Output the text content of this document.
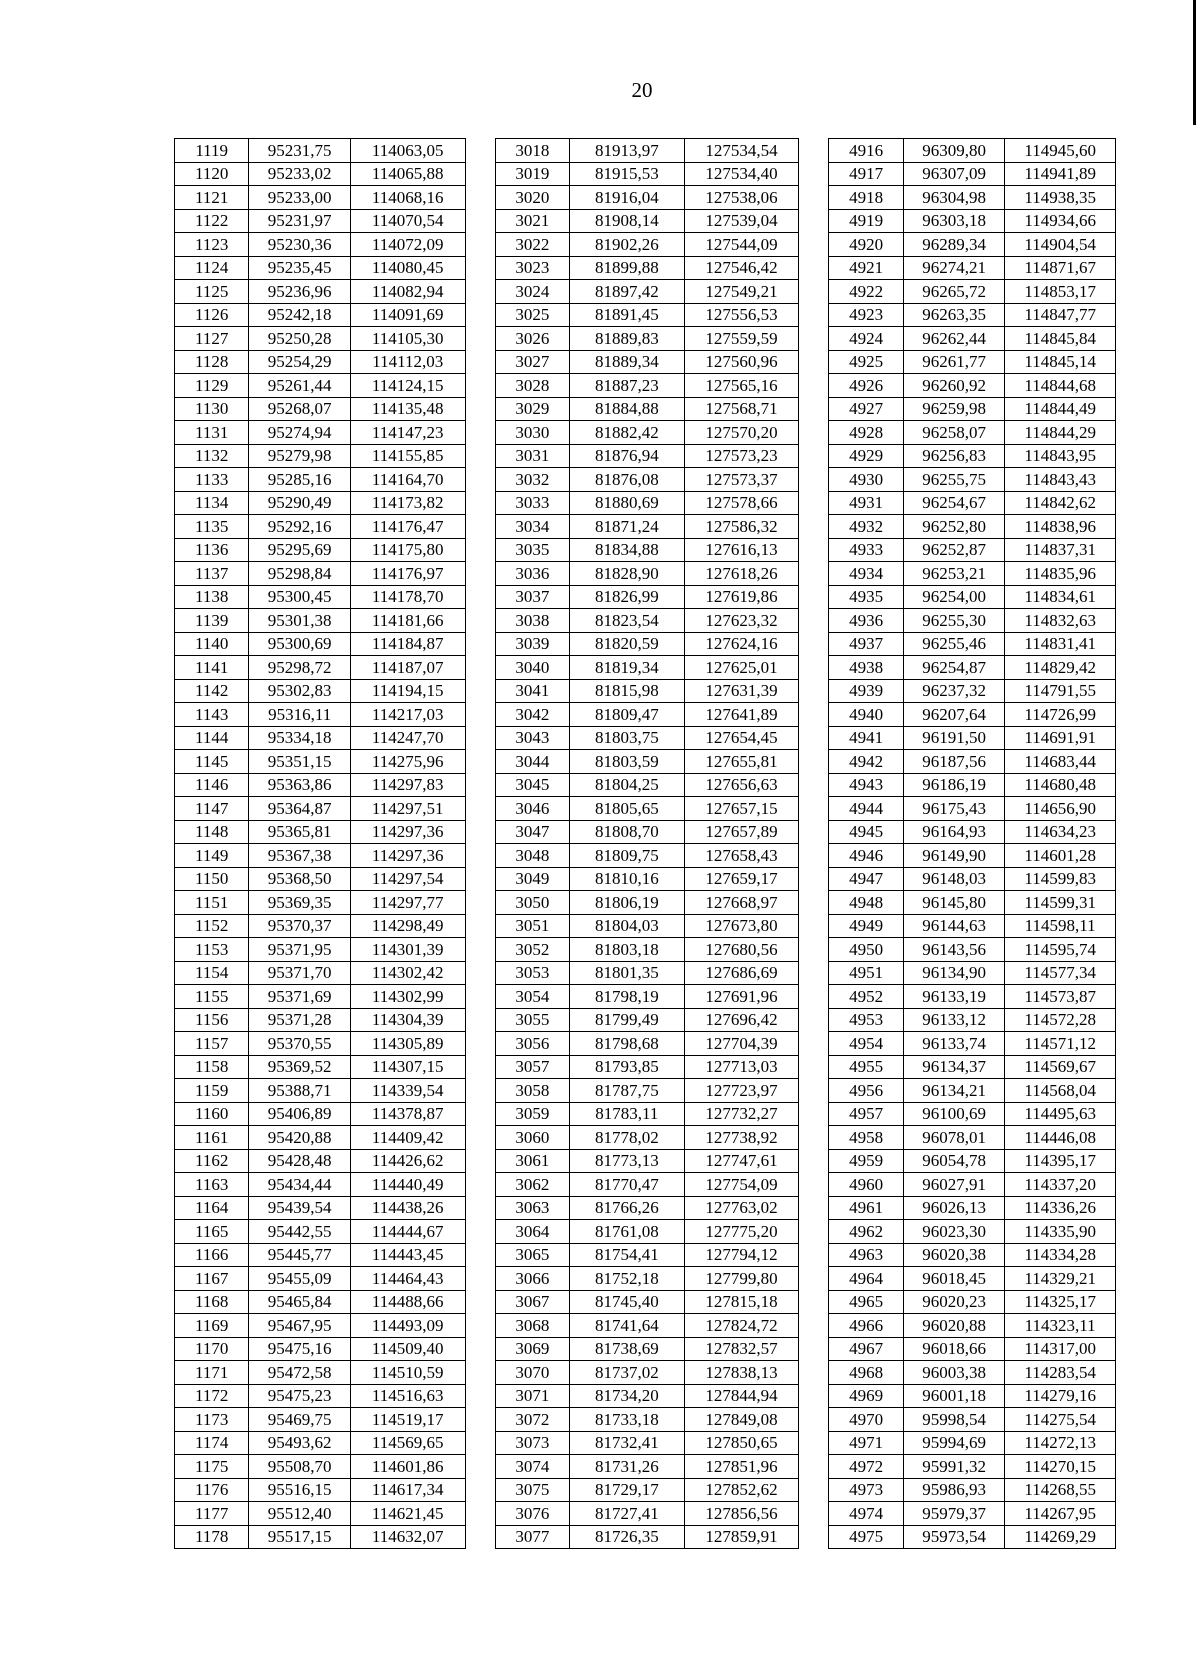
20
1119	95231,75	114063,05		3018	81913,97	127534,54		4916	96309,80	114945,60
1120	95233,02	114065,88		3019	81915,53	127534,40		4917	96307,09	114941,89
1121	95233,00	114068,16		3020	81916,04	127538,06		4918	96304,98	114938,35
1122	95231,97	114070,54		3021	81908,14	127539,04		4919	96303,18	114934,66
1123	95230,36	114072,09		3022	81902,26	127544,09		4920	96289,34	114904,54
1124	95235,45	114080,45		3023	81899,88	127546,42		4921	96274,21	114871,67
1125	95236,96	114082,94		3024	81897,42	127549,21		4922	96265,72	114853,17
1126	95242,18	114091,69		3025	81891,45	127556,53		4923	96263,35	114847,77
1127	95250,28	114105,30		3026	81889,83	127559,59		4924	96262,44	114845,84
1128	95254,29	114112,03		3027	81889,34	127560,96		4925	96261,77	114845,14
1129	95261,44	114124,15		3028	81887,23	127565,16		4926	96260,92	114844,68
1130	95268,07	114135,48		3029	81884,88	127568,71		4927	96259,98	114844,49
1131	95274,94	114147,23		3030	81882,42	127570,20		4928	96258,07	114844,29
1132	95279,98	114155,85		3031	81876,94	127573,23		4929	96256,83	114843,95
1133	95285,16	114164,70		3032	81876,08	127573,37		4930	96255,75	114843,43
1134	95290,49	114173,82		3033	81880,69	127578,66		4931	96254,67	114842,62
1135	95292,16	114176,47		3034	81871,24	127586,32		4932	96252,80	114838,96
1136	95295,69	114175,80		3035	81834,88	127616,13		4933	96252,87	114837,31
1137	95298,84	114176,97		3036	81828,90	127618,26		4934	96253,21	114835,96
1138	95300,45	114178,70		3037	81826,99	127619,86		4935	96254,00	114834,61
1139	95301,38	114181,66		3038	81823,54	127623,32		4936	96255,30	114832,63
1140	95300,69	114184,87		3039	81820,59	127624,16		4937	96255,46	114831,41
1141	95298,72	114187,07		3040	81819,34	127625,01		4938	96254,87	114829,42
1142	95302,83	114194,15		3041	81815,98	127631,39		4939	96237,32	114791,55
1143	95316,11	114217,03		3042	81809,47	127641,89		4940	96207,64	114726,99
1144	95334,18	114247,70		3043	81803,75	127654,45		4941	96191,50	114691,91
1145	95351,15	114275,96		3044	81803,59	127655,81		4942	96187,56	114683,44
1146	95363,86	114297,83		3045	81804,25	127656,63		4943	96186,19	114680,48
1147	95364,87	114297,51		3046	81805,65	127657,15		4944	96175,43	114656,90
1148	95365,81	114297,36		3047	81808,70	127657,89		4945	96164,93	114634,23
1149	95367,38	114297,36		3048	81809,75	127658,43		4946	96149,90	114601,28
1150	95368,50	114297,54		3049	81810,16	127659,17		4947	96148,03	114599,83
1151	95369,35	114297,77		3050	81806,19	127668,97		4948	96145,80	114599,31
1152	95370,37	114298,49		3051	81804,03	127673,80		4949	96144,63	114598,11
1153	95371,95	114301,39		3052	81803,18	127680,56		4950	96143,56	114595,74
1154	95371,70	114302,42		3053	81801,35	127686,69		4951	96134,90	114577,34
1155	95371,69	114302,99		3054	81798,19	127691,96		4952	96133,19	114573,87
1156	95371,28	114304,39		3055	81799,49	127696,42		4953	96133,12	114572,28
1157	95370,55	114305,89		3056	81798,68	127704,39		4954	96133,74	114571,12
1158	95369,52	114307,15		3057	81793,85	127713,03		4955	96134,37	114569,67
1159	95388,71	114339,54		3058	81787,75	127723,97		4956	96134,21	114568,04
1160	95406,89	114378,87		3059	81783,11	127732,27		4957	96100,69	114495,63
1161	95420,88	114409,42		3060	81778,02	127738,92		4958	96078,01	114446,08
1162	95428,48	114426,62		3061	81773,13	127747,61		4959	96054,78	114395,17
1163	95434,44	114440,49		3062	81770,47	127754,09		4960	96027,91	114337,20
1164	95439,54	114438,26		3063	81766,26	127763,02		4961	96026,13	114336,26
1165	95442,55	114444,67		3064	81761,08	127775,20		4962	96023,30	114335,90
1166	95445,77	114443,45		3065	81754,41	127794,12		4963	96020,38	114334,28
1167	95455,09	114464,43		3066	81752,18	127799,80		4964	96018,45	114329,21
1168	95465,84	114488,66		3067	81745,40	127815,18		4965	96020,23	114325,17
1169	95467,95	114493,09		3068	81741,64	127824,72		4966	96020,88	114323,11
1170	95475,16	114509,40		3069	81738,69	127832,57		4967	96018,66	114317,00
1171	95472,58	114510,59		3070	81737,02	127838,13		4968	96003,38	114283,54
1172	95475,23	114516,63		3071	81734,20	127844,94		4969	96001,18	114279,16
1173	95469,75	114519,17		3072	81733,18	127849,08		4970	95998,54	114275,54
1174	95493,62	114569,65		3073	81732,41	127850,65		4971	95994,69	114272,13
1175	95508,70	114601,86		3074	81731,26	127851,96		4972	95991,32	114270,15
1176	95516,15	114617,34		3075	81729,17	127852,62		4973	95986,93	114268,55
1177	95512,40	114621,45		3076	81727,41	127856,56		4974	95979,37	114267,95
1178	95517,15	114632,07		3077	81726,35	127859,91		4975	95973,54	114269,29
